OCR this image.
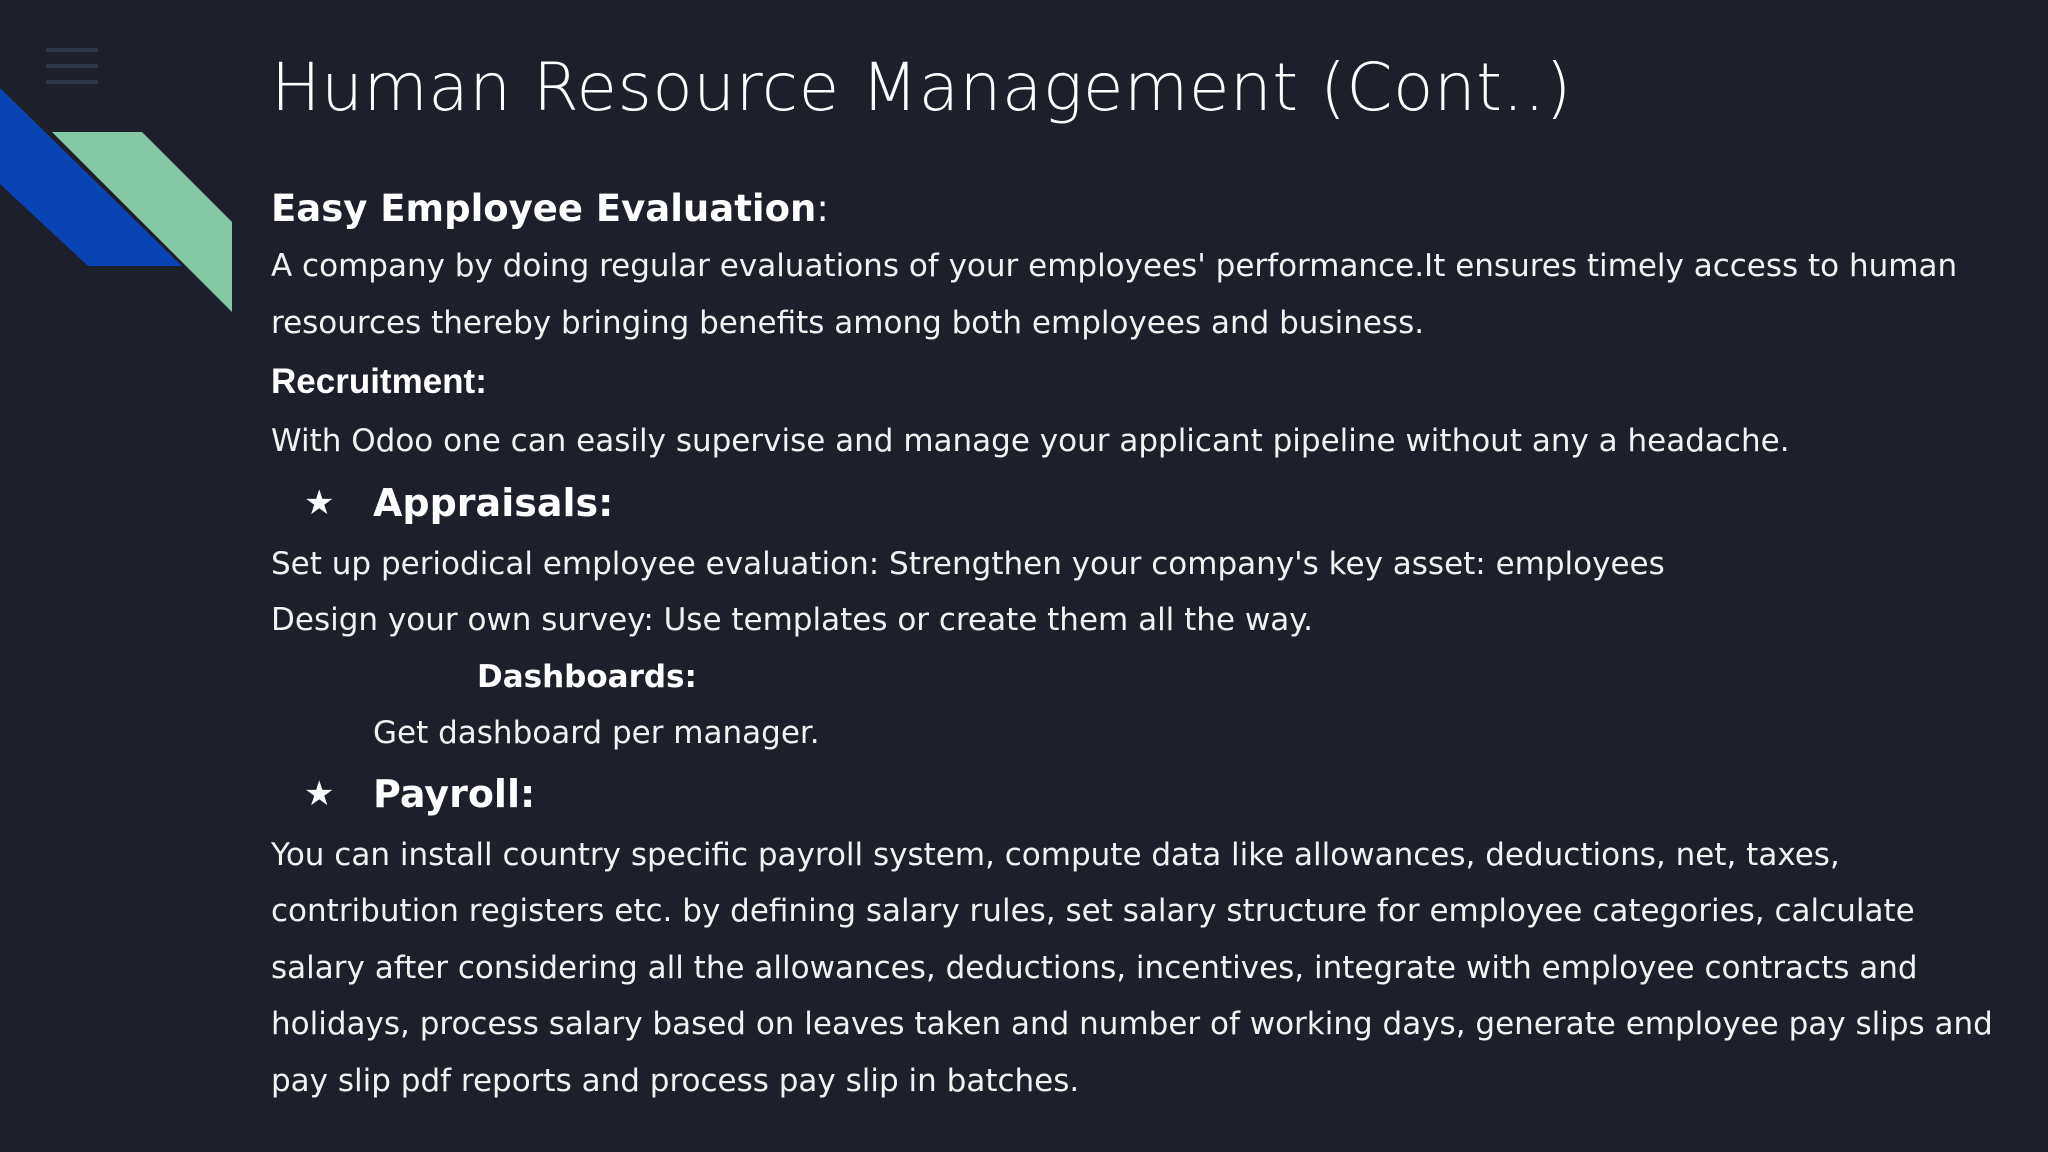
Human Resource Management (Cont..)
Easy Employee Evaluation:
A company by doing regular evaluations of your employees' performance.It ensures timely access to human resources thereby bringing benefits among both employees and business.
Recruitment:
With Odoo one can easily supervise and manage your applicant pipeline without any a headache.
★ Appraisals:
Set up periodical employee evaluation: Strengthen your company's key asset: employees
Design your own survey: Use templates or create them all the way.
Dashboards:
Get dashboard per manager.
★ Payroll:
You can install country specific payroll system, compute data like allowances, deductions, net, taxes, contribution registers etc. by defining salary rules, set salary structure for employee categories, calculate salary after considering all the allowances, deductions, incentives, integrate with employee contracts and holidays, process salary based on leaves taken and number of working days, generate employee pay slips and pay slip pdf reports and process pay slip in batches.
